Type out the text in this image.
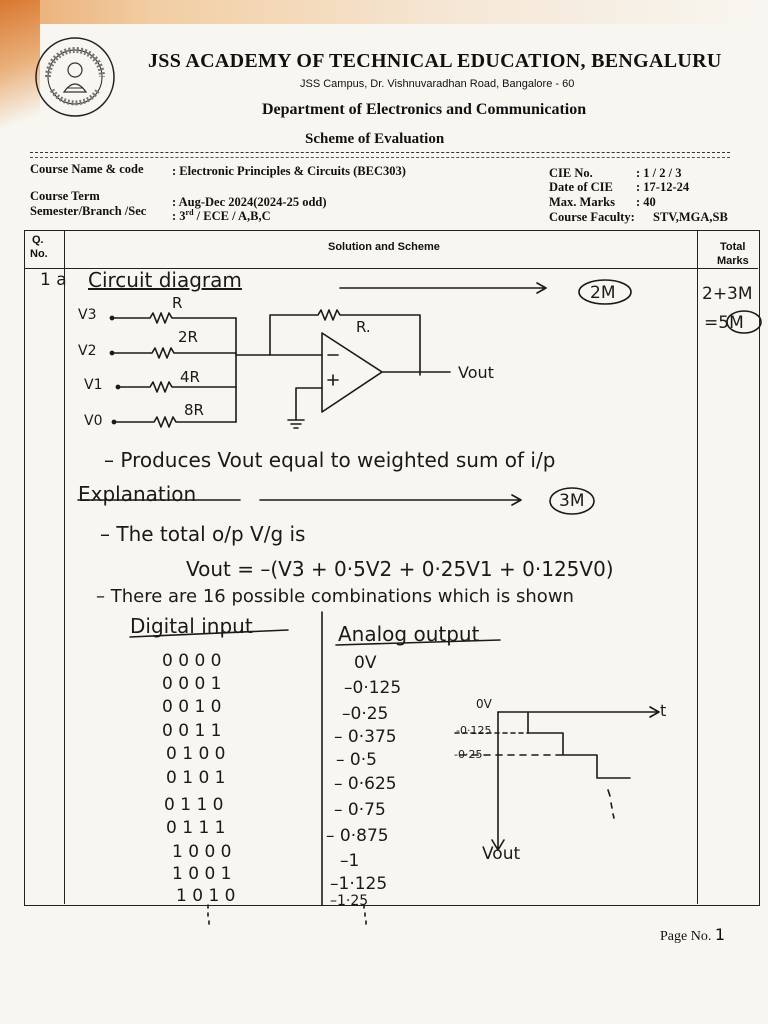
JSS ACADEMY OF TECHNICAL EDUCATION, BENGALURU
JSS Campus, Dr. Vishnuvaradhan Road, Bangalore - 60
Department of Electronics and Communication
Scheme of Evaluation
Course Name & code : Electronic Principles & Circuits (BEC303)
Course Term	: Aug-Dec 2024(2024-25 odd)
Semester/Branch /Sec : 3rd / ECE / A,B,C
CIE No.	: 1 / 2 / 3
Date of CIE : 17-12-24
Max. Marks : 40
Course Faculty: STV,MGA,SB
Q.
No.
Solution and Scheme	Total
Marks
1 a Circuit diagram
2+3M
=5M
2M
R
2R
4R
8R
R.
V3
V2
V1
V0
Vout
– Produces Vout equal to weighted sum of i/p
Explanation	3M
– The total o/p V/g is
Vout = –(V3 + 0·5V2 + 0·25V1 + 0·125V0)
– There are 16 possible combinations which is shown
Digital input	Analog output
0 0 0 0	0V
0 0 0 1	–0·125
0 0 1 0	–0·25
0 0 1 1	– 0·375
0 1 0 0	– 0·5
0 1 0 1	– 0·625
0 1 1 0	– 0·75
0 1 1 1	– 0·875
1 0 0 0	–1
1 0 0 1	–1·125
1 0 1 0	–1·25
0V	t
-0·125
-0·25
Vout
Page No. 1
